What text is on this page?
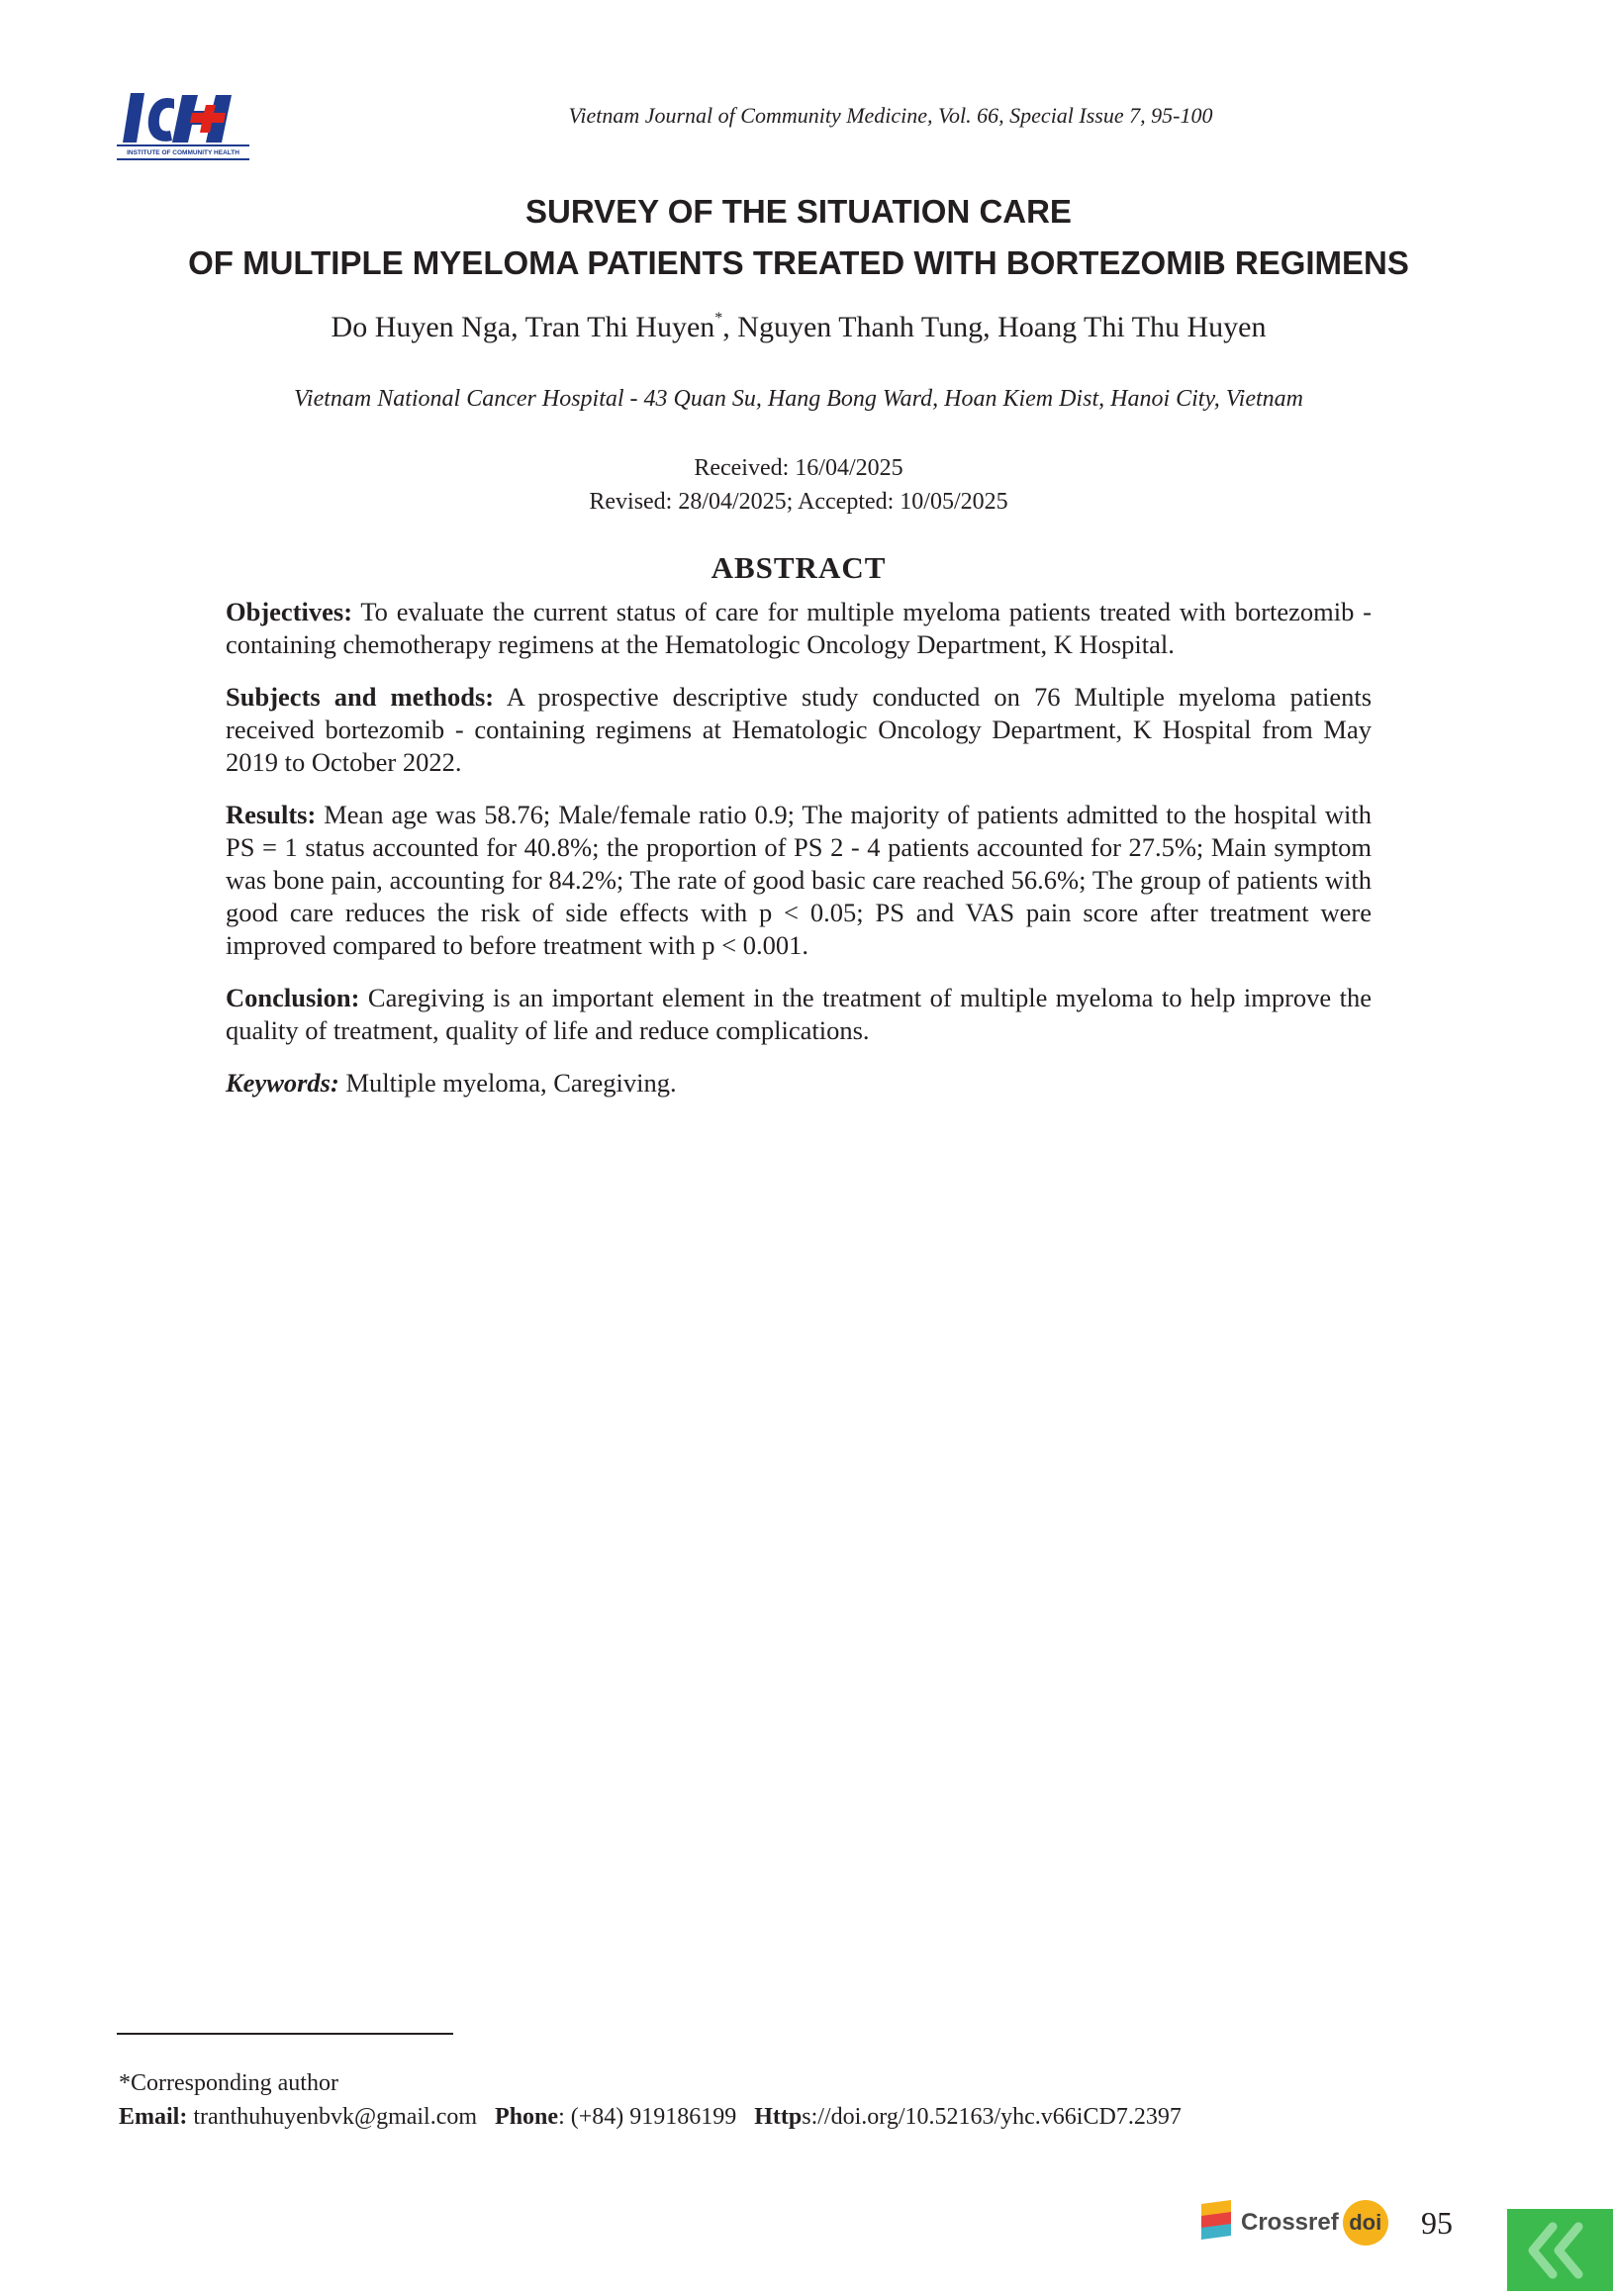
INSTITUTE OF COMMUNITY HEALTH

Vietnam Journal of Community Medicine, Vol. 66, Special Issue 7, 95-100

SURVEY OF THE SITUATION CARE
OF MULTIPLE MYELOMA PATIENTS TREATED WITH BORTEZOMIB REGIMENS
Do Huyen Nga, Tran Thi Huyen*, Nguyen Thanh Tung, Hoang Thi Thu Huyen
Vietnam National Cancer Hospital - 43 Quan Su, Hang Bong Ward, Hoan Kiem Dist, Hanoi City, Vietnam
Received: 16/04/2025
Revised: 28/04/2025; Accepted: 10/05/2025
ABSTRACT

Objectives: To evaluate the current status of care for multiple myeloma patients treated with bortezomib - containing chemotherapy regimens at the Hematologic Oncology Department, K Hospital.

Subjects and methods: A prospective descriptive study conducted on 76 Multiple myeloma patients received bortezomib - containing regimens at Hematologic Oncology Department, K Hospital from May 2019 to October 2022.

Results: Mean age was 58.76; Male/female ratio 0.9; The majority of patients admitted to the hospital with PS = 1 status accounted for 40.8%; the proportion of PS 2 - 4 patients accounted for 27.5%; Main symptom was bone pain, accounting for 84.2%; The rate of good basic care reached 56.6%; The group of patients with good care reduces the risk of side effects with p < 0.05; PS and VAS pain score after treatment were improved compared to before treatment with p < 0.001.

Conclusion: Caregiving is an important element in the treatment of multiple myeloma to help improve the quality of treatment, quality of life and reduce complications.

Keywords: Multiple myeloma, Caregiving.

*Corresponding author
Email: tranthuhuyenbvk@gmail.com Phone: (+84) 919186199 Https://doi.org/10.52163/yhc.v66iCD7.2397
Crossref doi 95
